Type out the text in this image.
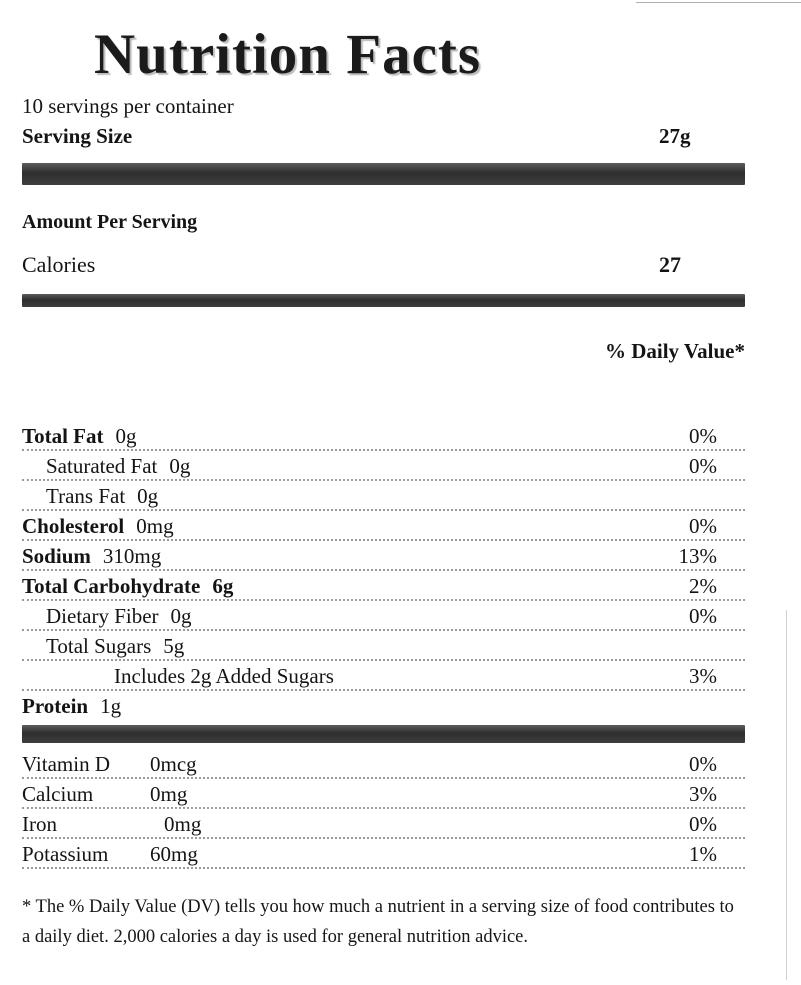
Nutrition Facts
10 servings per container
Serving Size	27g
Amount Per Serving
Calories	27
% Daily Value*
Total Fat 0g	0%
Saturated Fat 0g	0%
Trans Fat 0g
Cholesterol 0mg	0%
Sodium 310mg	13%
Total Carbohydrate 6g	2%
Dietary Fiber 0g	0%
Total Sugars 5g
Includes 2g Added Sugars	3%
Protein 1g
Vitamin D	0mcg	0%
Calcium	0mg	3%
Iron	0mg	0%
Potassium	60mg	1%
* The % Daily Value (DV) tells you how much a nutrient in a serving size of food contributes to a daily diet. 2,000 calories a day is used for general nutrition advice.
